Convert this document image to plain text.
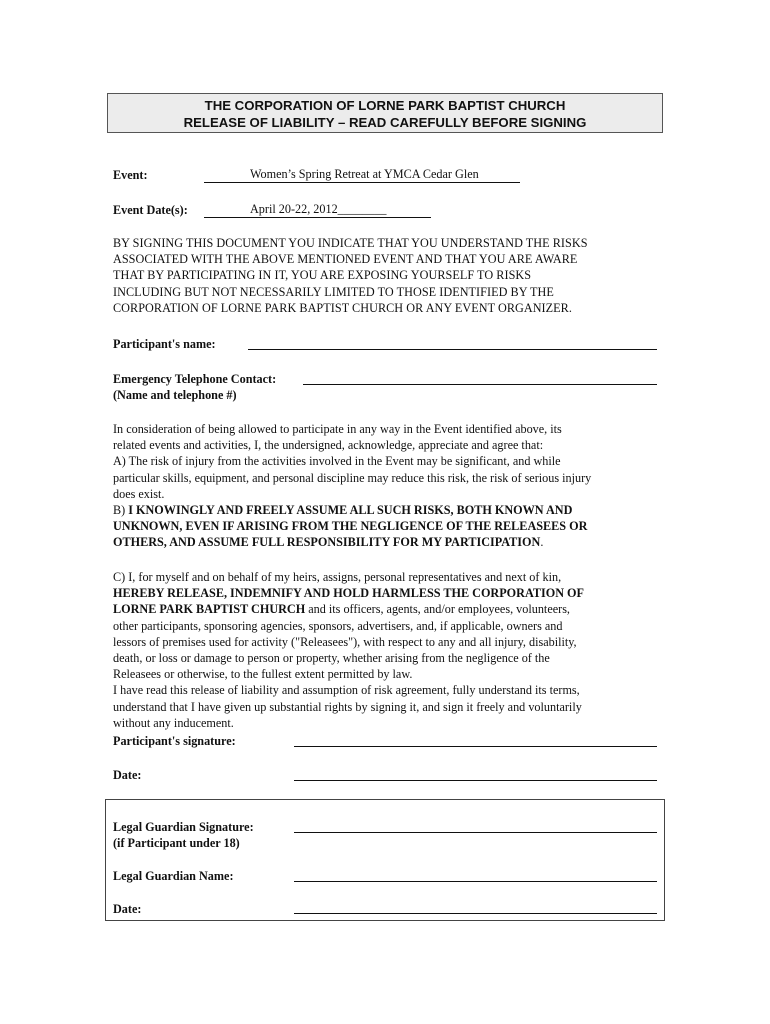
THE CORPORATION OF LORNE PARK BAPTIST CHURCH
RELEASE OF LIABILITY – READ CAREFULLY BEFORE SIGNING
Event:	Women’s Spring Retreat at YMCA Cedar Glen
Event Date(s):	April 20-22, 2012________
BY SIGNING THIS DOCUMENT YOU INDICATE THAT YOU UNDERSTAND THE RISKS
ASSOCIATED WITH THE ABOVE MENTIONED EVENT AND THAT YOU ARE AWARE
THAT BY PARTICIPATING IN IT, YOU ARE EXPOSING YOURSELF TO RISKS
INCLUDING BUT NOT NECESSARILY LIMITED TO THOSE IDENTIFIED BY THE
CORPORATION OF LORNE PARK BAPTIST CHURCH OR ANY EVENT ORGANIZER.
Participant's name:
Emergency Telephone Contact:
(Name and telephone #)
In consideration of being allowed to participate in any way in the Event identified above, its
related events and activities, I, the undersigned, acknowledge, appreciate and agree that:
A) The risk of injury from the activities involved in the Event may be significant, and while
particular skills, equipment, and personal discipline may reduce this risk, the risk of serious injury
does exist.
B) I KNOWINGLY AND FREELY ASSUME ALL SUCH RISKS, BOTH KNOWN AND
UNKNOWN, EVEN IF ARISING FROM THE NEGLIGENCE OF THE RELEASEES OR
OTHERS, AND ASSUME FULL RESPONSIBILITY FOR MY PARTICIPATION.
C) I, for myself and on behalf of my heirs, assigns, personal representatives and next of kin,
HEREBY RELEASE, INDEMNIFY AND HOLD HARMLESS THE CORPORATION OF
LORNE PARK BAPTIST CHURCH and its officers, agents, and/or employees, volunteers,
other participants, sponsoring agencies, sponsors, advertisers, and, if applicable, owners and
lessors of premises used for activity ("Releasees"), with respect to any and all injury, disability,
death, or loss or damage to person or property, whether arising from the negligence of the
Releasees or otherwise, to the fullest extent permitted by law.
I have read this release of liability and assumption of risk agreement, fully understand its terms,
understand that I have given up substantial rights by signing it, and sign it freely and voluntarily
without any inducement.
Participant's signature:
Date:
Legal Guardian Signature:
(if Participant under 18)
Legal Guardian Name:
Date:
